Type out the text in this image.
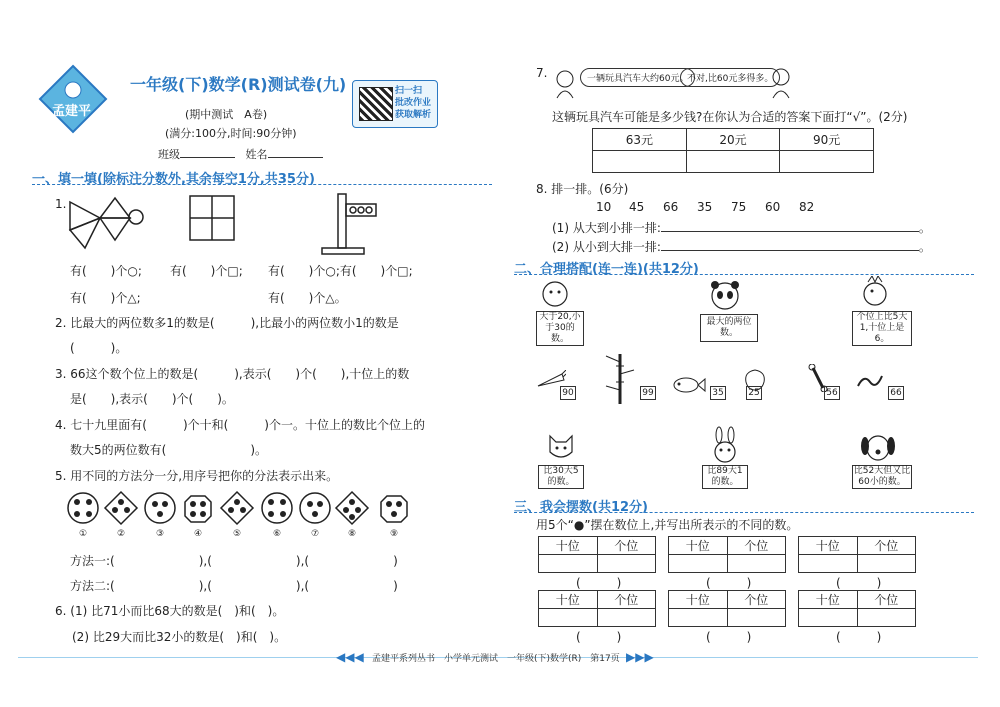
孟建平
一年级(下)数学(R)测试卷(九)
(期中测试　A卷)
(满分:100分,时间:90分钟)
班级	姓名
扫一扫
批改作业
获取解析
一、填一填(除标注分数外,其余每空1分,共35分)
1.
有(　　)个○; 有(　　)个□; 有(　　)个○;有(　　)个□;
有(　　)个△;	有(　　)个△。
2. 比最大的两位数多1的数是(　　　),比最小的两位数小1的数是
(　　　)。
3. 66这个数个位上的数是(　　　),表示(　　)个(　　),十位上的数
是(　　),表示(　　)个(　　)。
4. 七十九里面有(　　　)个十和(　　　)个一。十位上的数比个位上的
数大5的两位数有(　　　　　　　)。
5. 用不同的方法分一分,用序号把你的分法表示出来。
①	②	③	④	⑤	⑥	⑦	⑧	⑨
方法一:(　　　　　　　),(　　　　　　　),(　　　　　　　)
方法二:(　　　　　　　),(　　　　　　　),(　　　　　　　)
6. (1) 比71小而比68大的数是(　)和(　)。
(2) 比29大而比32小的数是(　)和(　)。
7.	一辆玩具汽车大约60元。
不对,比60元多得多。
这辆玩具汽车可能是多少钱?在你认为合适的答案下面打“√”。(2分)
63元	20元	90元

8. 排一排。(6分)
10 45 66 35 75 60 82
(1) 从大到小排一排:	。
(2) 从小到大排一排:	。
二、合理搭配(连一连)(共12分)
大于20,小于30的数。
最大的两位数。
个位上比5大1,十位上是6。
90	99	35	25	56	66
比30大5的数。
比89大1的数。
比52大但又比60小的数。
三、我会摆数(共12分)
用5个“●”摆在数位上,并写出所表示的不同的数。
十位	个位

(　　　)
十位	个位

(　　　)
十位	个位

(　　　)
十位	个位

(　　　)
十位	个位

(　　　)
十位	个位

(　　　)
◀◀◀ 孟建平系列丛书　小学单元测试　一年级(下)数学(R)　第17页 ▶▶▶
